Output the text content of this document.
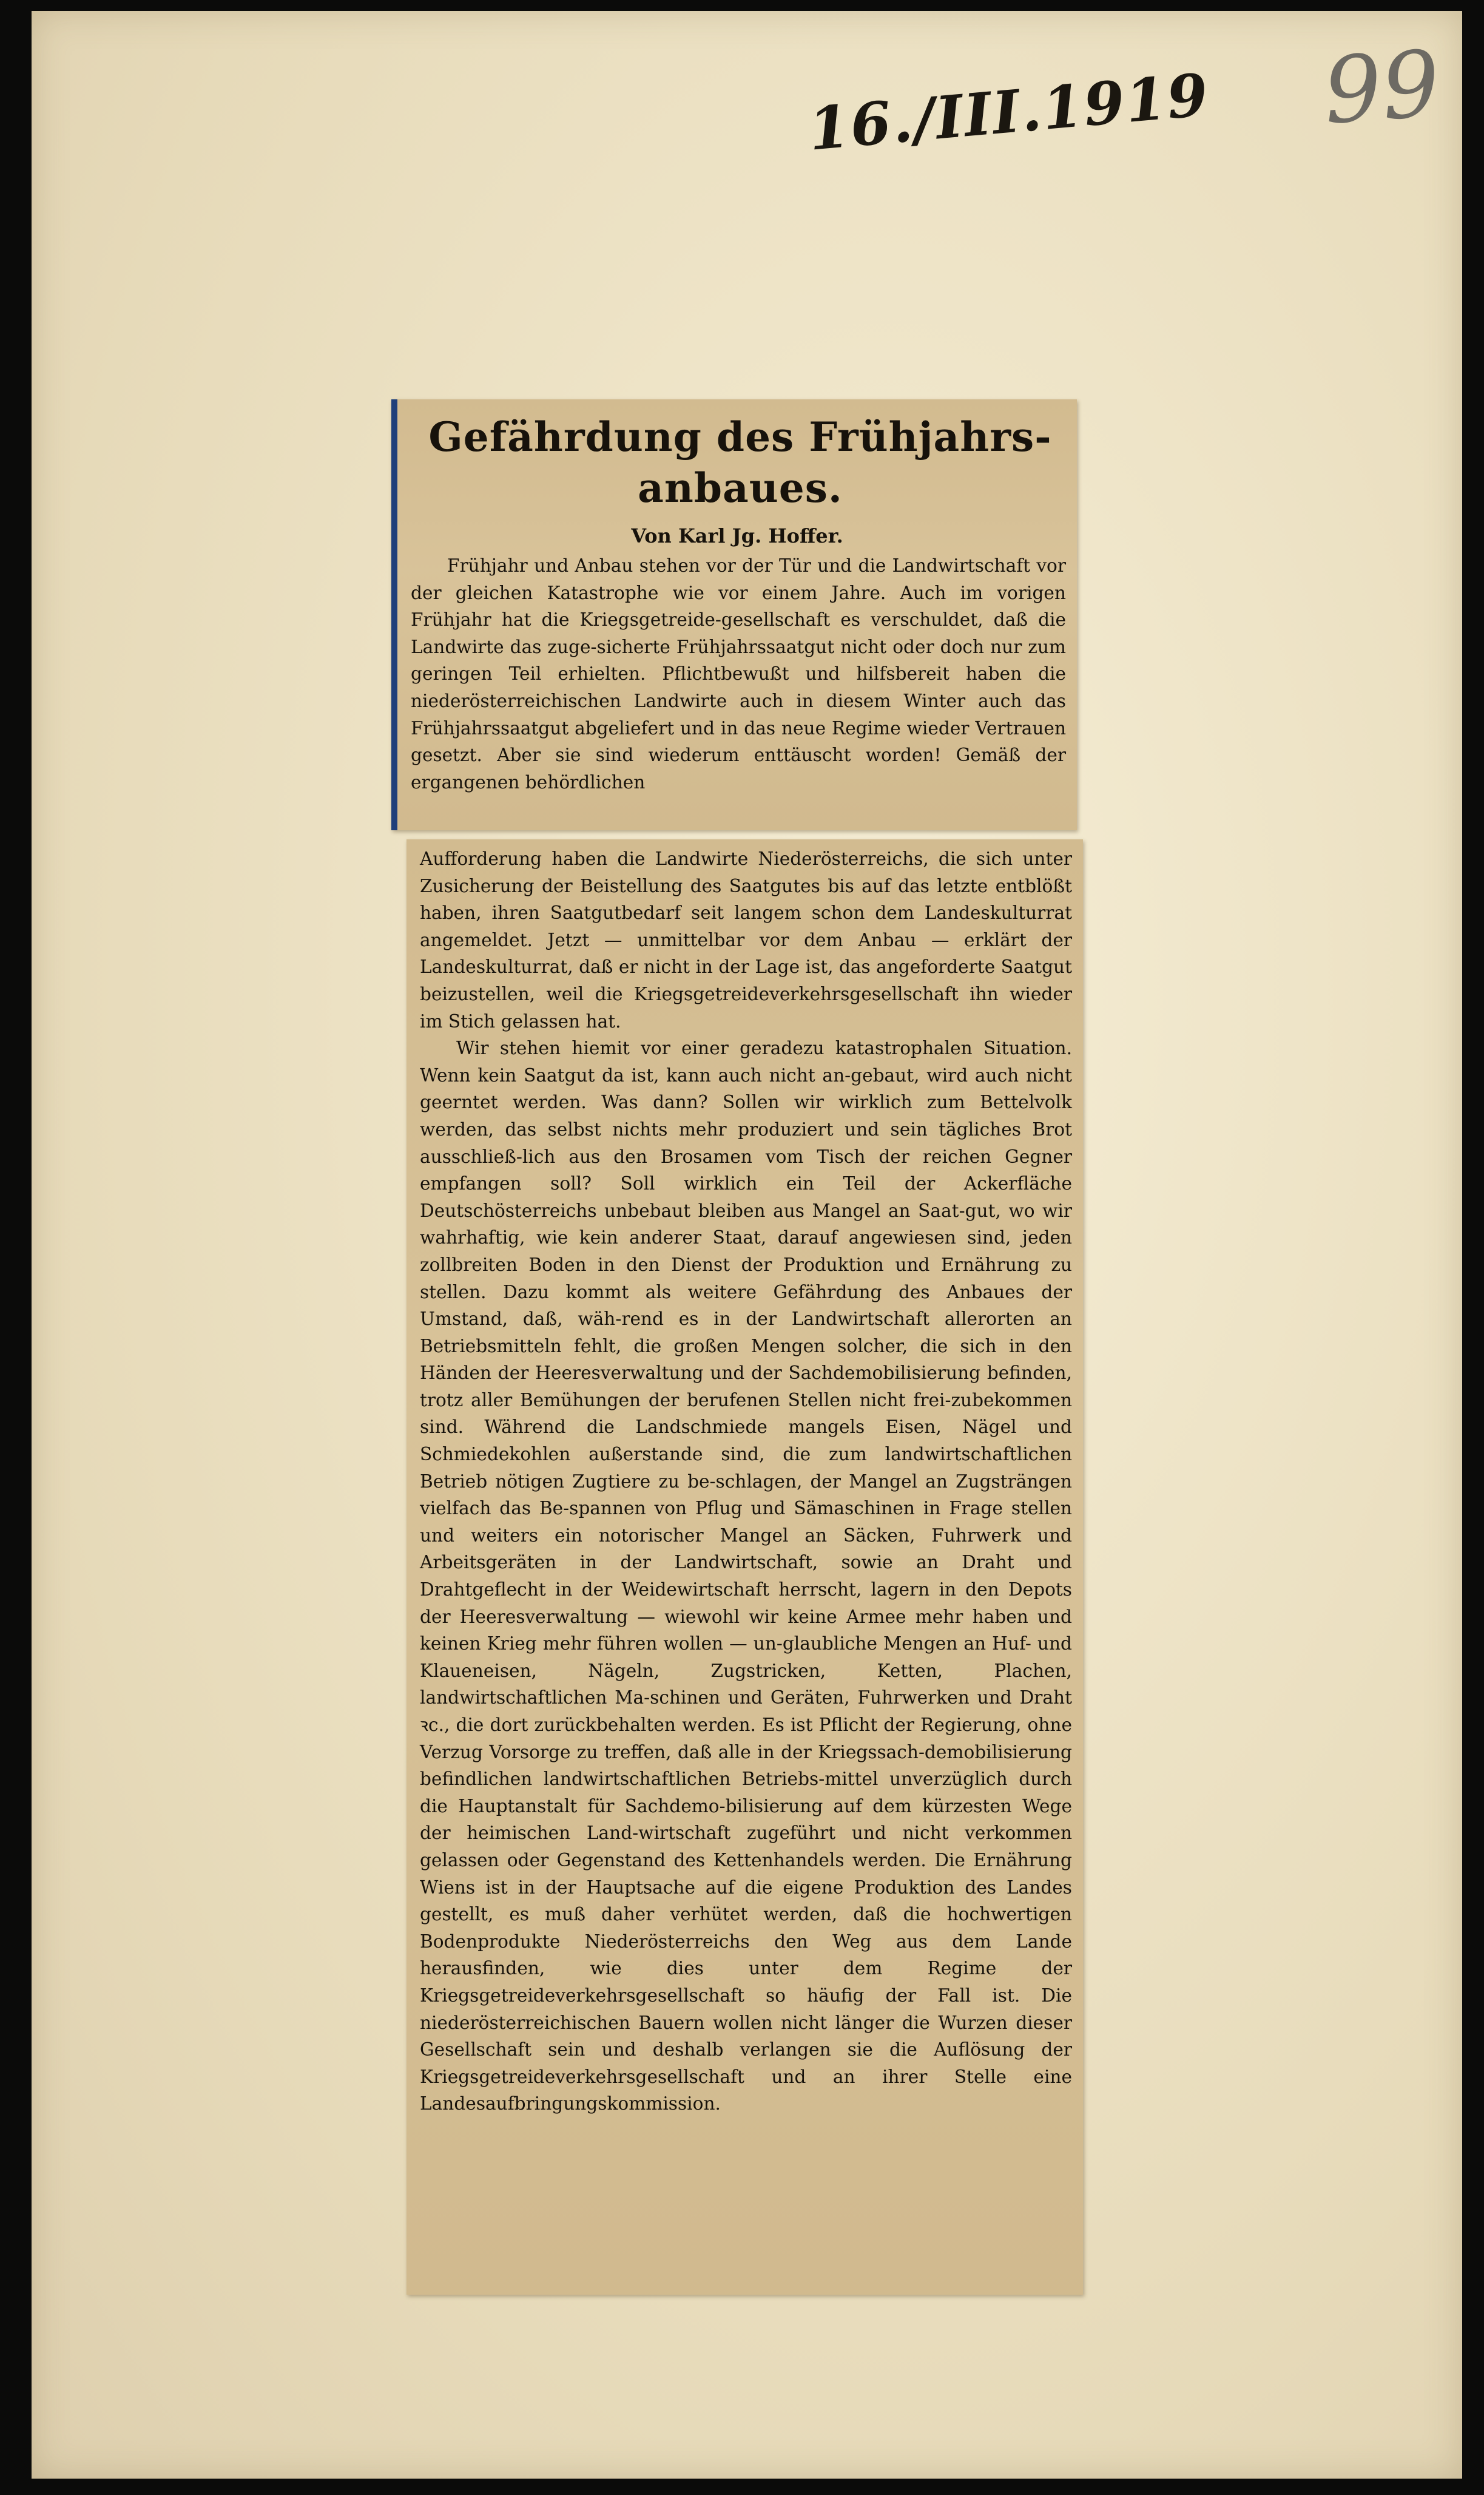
16./III.1919 99
Gefährdung des Frühjahrs-anbaues.
Von Karl Jg. Hoffer.

Frühjahr und Anbau stehen vor der Tür und die Landwirtschaft vor der gleichen Katastrophe wie vor einem Jahre. Auch im vorigen Frühjahr hat die Kriegsgetreide-gesellschaft es verschuldet, daß die Landwirte das zuge-sicherte Frühjahrssaatgut nicht oder doch nur zum geringen Teil erhielten. Pflichtbewußt und hilfsbereit haben die niederösterreichischen Landwirte auch in diesem Winter auch das Frühjahrssaatgut abgeliefert und in das neue Regime wieder Vertrauen gesetzt. Aber sie sind wiederum enttäuscht worden! Gemäß der ergangenen behördlichen

Aufforderung haben die Landwirte Niederösterreichs, die sich unter Zusicherung der Beistellung des Saatgutes bis auf das letzte entblößt haben, ihren Saatgutbedarf seit langem schon dem Landeskulturrat angemeldet. Jetzt — unmittelbar vor dem Anbau — erklärt der Landeskulturrat, daß er nicht in der Lage ist, das angeforderte Saatgut beizustellen, weil die Kriegsgetreideverkehrsgesellschaft ihn wieder im Stich gelassen hat.

Wir stehen hiemit vor einer geradezu katastrophalen Situation. Wenn kein Saatgut da ist, kann auch nicht an-gebaut, wird auch nicht geerntet werden. Was dann? Sollen wir wirklich zum Bettelvolk werden, das selbst nichts mehr produziert und sein tägliches Brot ausschließ-lich aus den Brosamen vom Tisch der reichen Gegner empfangen soll? Soll wirklich ein Teil der Ackerfläche Deutschösterreichs unbebaut bleiben aus Mangel an Saat-gut, wo wir wahrhaftig, wie kein anderer Staat, darauf angewiesen sind, jeden zollbreiten Boden in den Dienst der Produktion und Ernährung zu stellen. Dazu kommt als weitere Gefährdung des Anbaues der Umstand, daß, wäh-rend es in der Landwirtschaft allerorten an Betriebsmitteln fehlt, die großen Mengen solcher, die sich in den Händen der Heeresverwaltung und der Sachdemobilisierung befinden, trotz aller Bemühungen der berufenen Stellen nicht frei-zubekommen sind. Während die Landschmiede mangels Eisen, Nägel und Schmiedekohlen außerstande sind, die zum landwirtschaftlichen Betrieb nötigen Zugtiere zu be-schlagen, der Mangel an Zugsträngen vielfach das Be-spannen von Pflug und Sämaschinen in Frage stellen und weiters ein notorischer Mangel an Säcken, Fuhrwerk und Arbeitsgeräten in der Landwirtschaft, sowie an Draht und Drahtgeflecht in der Weidewirtschaft herrscht, lagern in den Depots der Heeresverwaltung — wiewohl wir keine Armee mehr haben und keinen Krieg mehr führen wollen — un-glaubliche Mengen an Huf- und Klaueneisen, Nägeln, Zugstricken, Ketten, Plachen, landwirtschaftlichen Ma-schinen und Geräten, Fuhrwerken und Draht ꝛc., die dort zurückbehalten werden. Es ist Pflicht der Regierung, ohne Verzug Vorsorge zu treffen, daß alle in der Kriegssach-demobilisierung befindlichen landwirtschaftlichen Betriebs-mittel unverzüglich durch die Hauptanstalt für Sachdemo-bilisierung auf dem kürzesten Wege der heimischen Land-wirtschaft zugeführt und nicht verkommen gelassen oder Gegenstand des Kettenhandels werden. Die Ernährung Wiens ist in der Hauptsache auf die eigene Produktion des Landes gestellt, es muß daher verhütet werden, daß die hochwertigen Bodenprodukte Niederösterreichs den Weg aus dem Lande herausfinden, wie dies unter dem Regime der Kriegsgetreideverkehrsgesellschaft so häufig der Fall ist. Die niederösterreichischen Bauern wollen nicht länger die Wurzen dieser Gesellschaft sein und deshalb verlangen sie die Auflösung der Kriegsgetreideverkehrsgesellschaft und an ihrer Stelle eine Landesaufbringungskommission.
